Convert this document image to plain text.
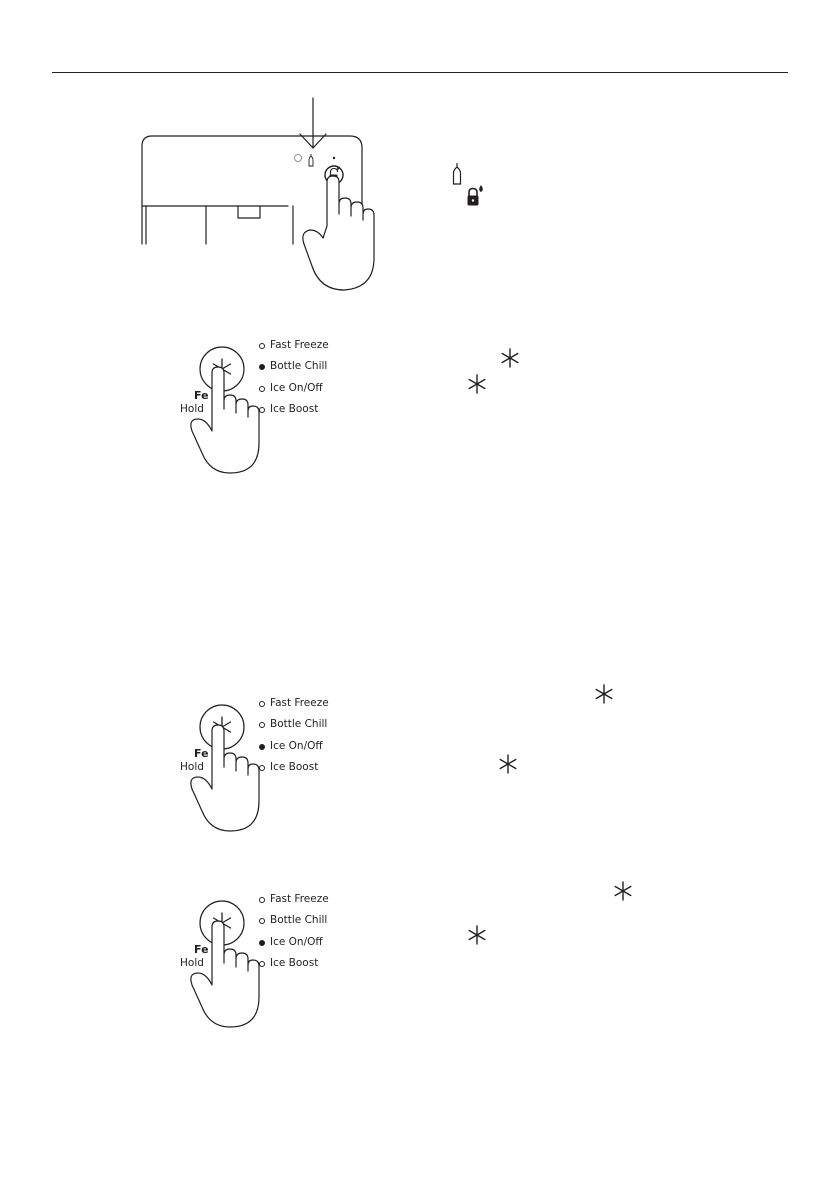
Fe
Hold
Fast Freeze
Bottle Chill
Ice On/Off
Ice Boost
Fe
Hold
Fast Freeze
Bottle Chill
Ice On/Off
Ice Boost
Fe
Hold
Fast Freeze
Bottle Chill
Ice On/Off
Ice Boost
